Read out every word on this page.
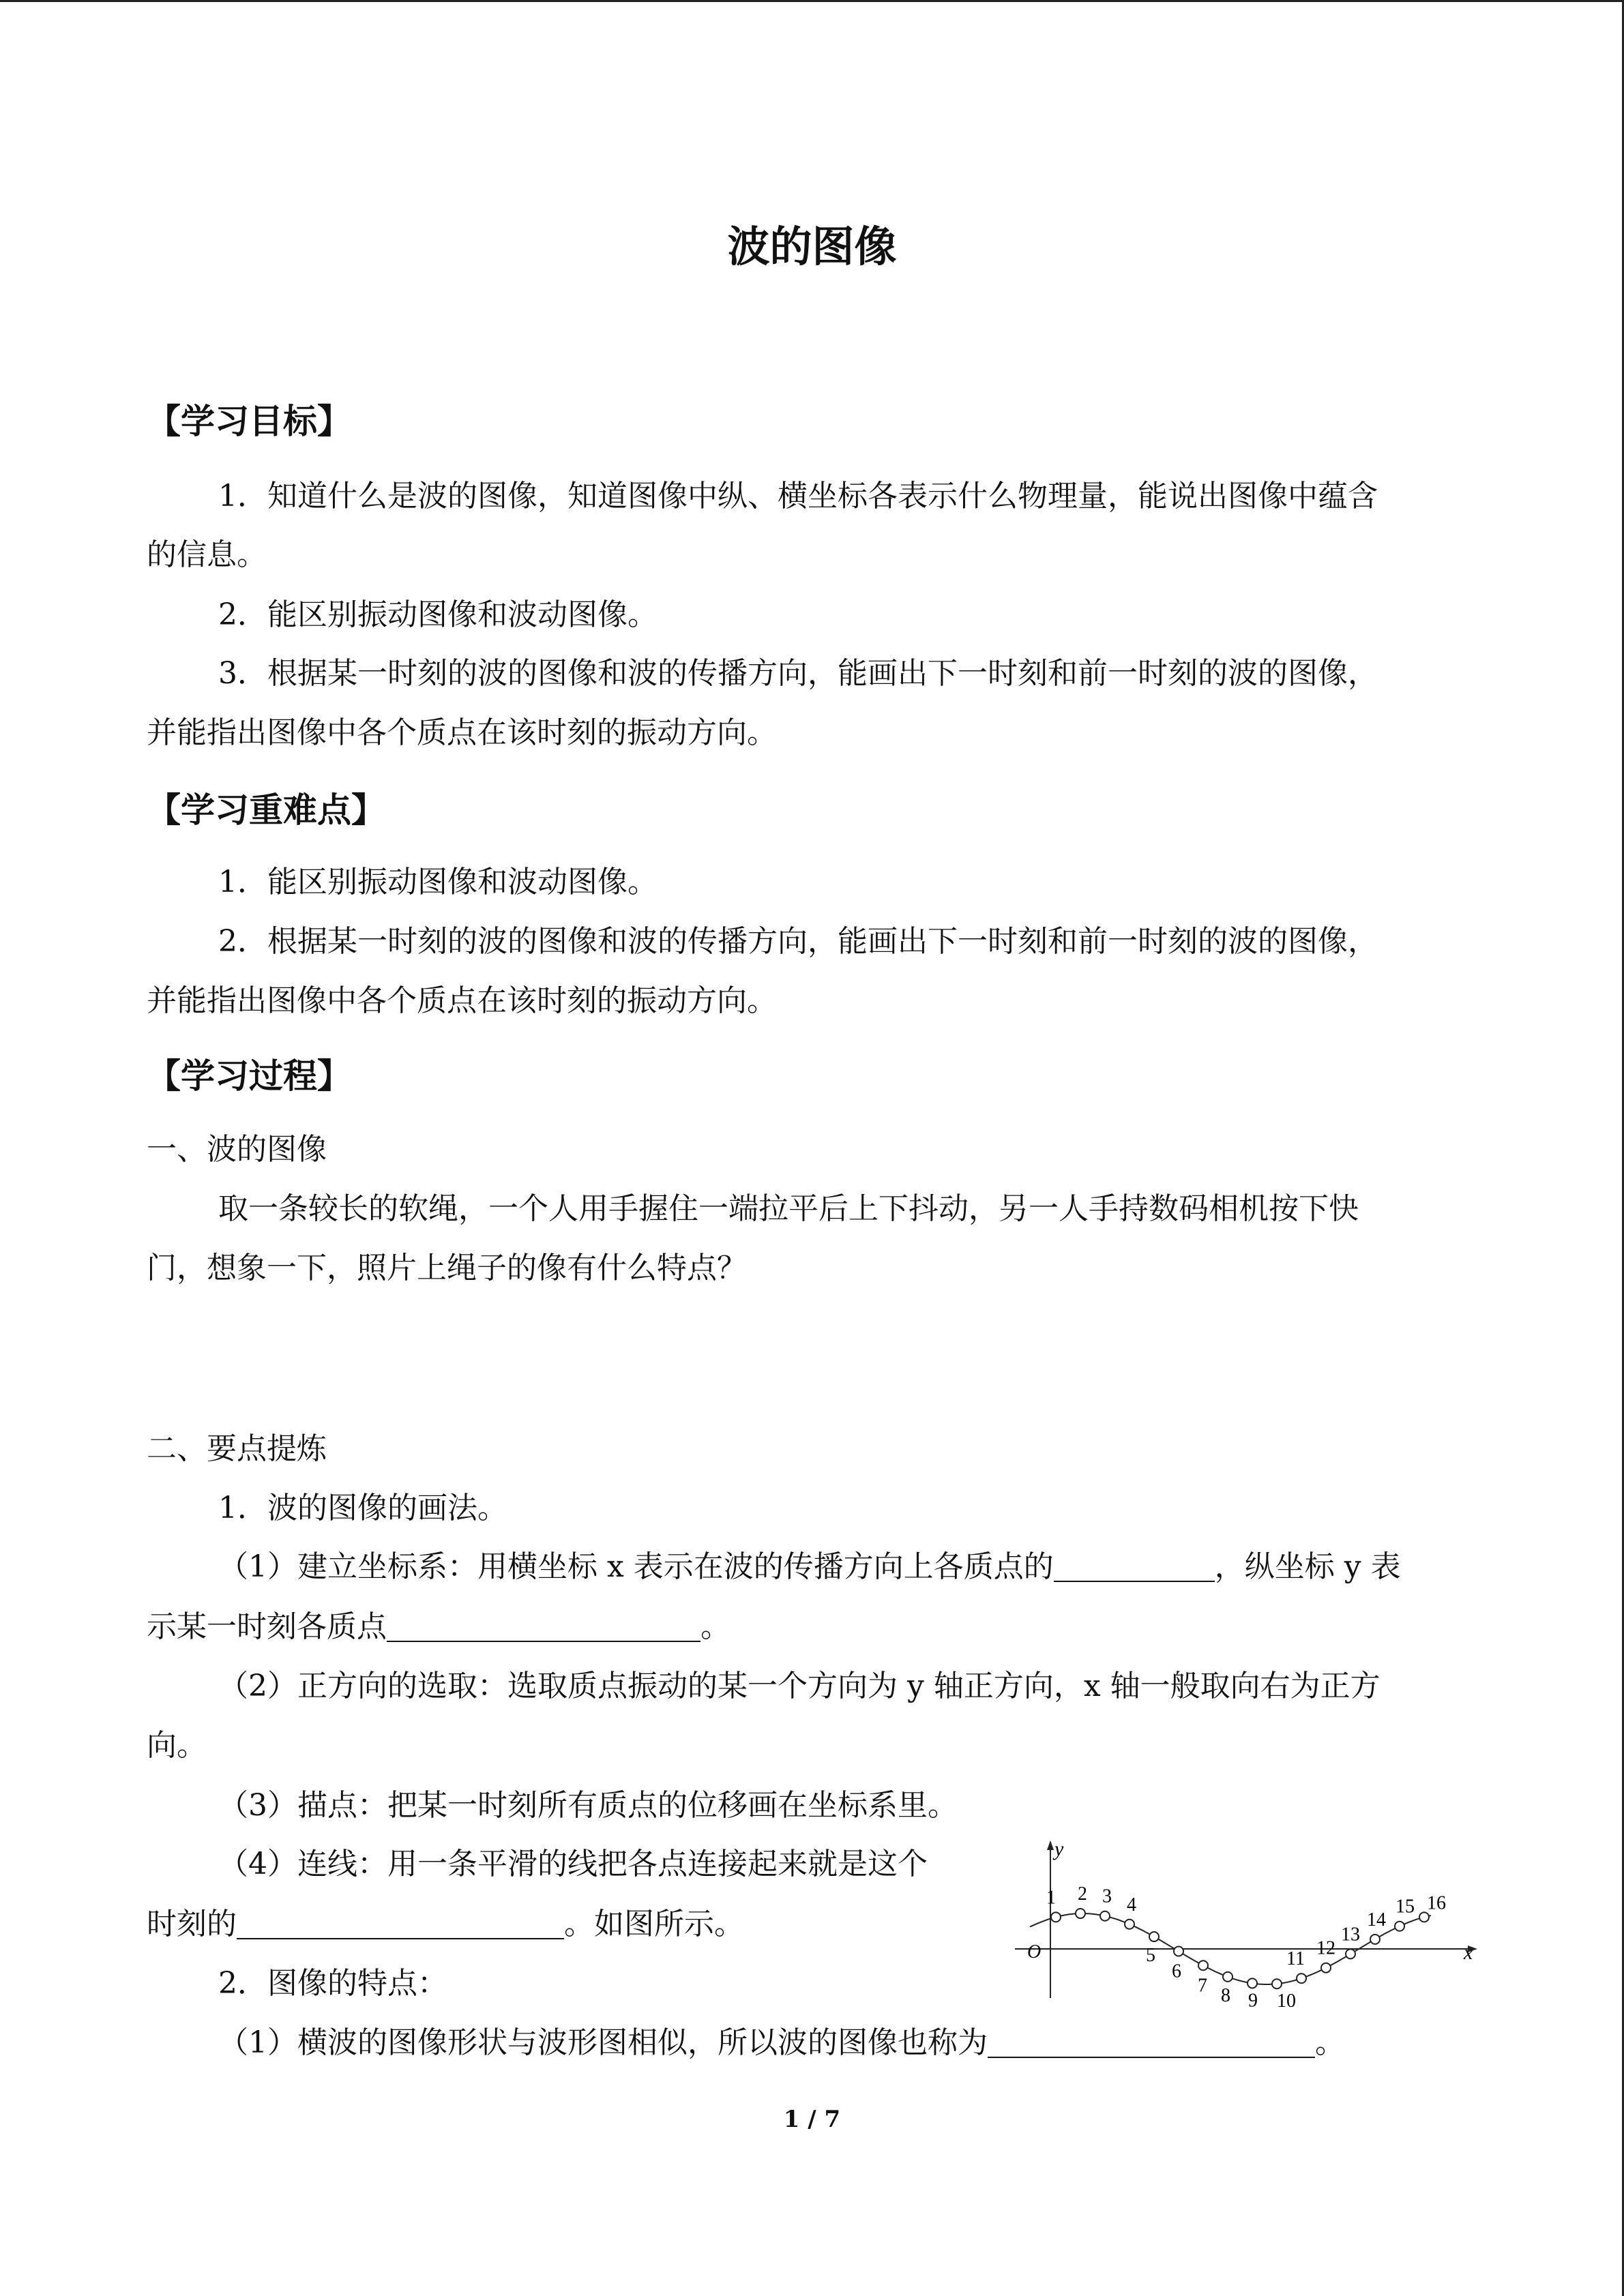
波的图像
【学习目标】
1．知道什么是波的图像，知道图像中纵、横坐标各表示什么物理量，能说出图像中蕴含
的信息。
2．能区别振动图像和波动图像。
3．根据某一时刻的波的图像和波的传播方向，能画出下一时刻和前一时刻的波的图像，
并能指出图像中各个质点在该时刻的振动方向。
【学习重难点】
1．能区别振动图像和波动图像。
2．根据某一时刻的波的图像和波的传播方向，能画出下一时刻和前一时刻的波的图像，
并能指出图像中各个质点在该时刻的振动方向。
【学习过程】
一、波的图像
取一条较长的软绳，一个人用手握住一端拉平后上下抖动，另一人手持数码相机按下快
门，想象一下，照片上绳子的像有什么特点？
二、要点提炼
1．波的图像的画法。
（1）建立坐标系：用横坐标 x 表示在波的传播方向上各质点的	，纵坐标 y 表
示某一时刻各质点	。
（2）正方向的选取：选取质点振动的某一个方向为 y 轴正方向，x 轴一般取向右为正方
向。
（3）描点：把某一时刻所有质点的位移画在坐标系里。
（4）连线：用一条平滑的线把各点连接起来就是这个
时刻的	。如图所示。
2．图像的特点：
（1）横波的图像形状与波形图相似，所以波的图像也称为	。
y
x
O
1 2 3 4
5
6
7 8 9 10
11
12
13
14
15 16
1 / 7
